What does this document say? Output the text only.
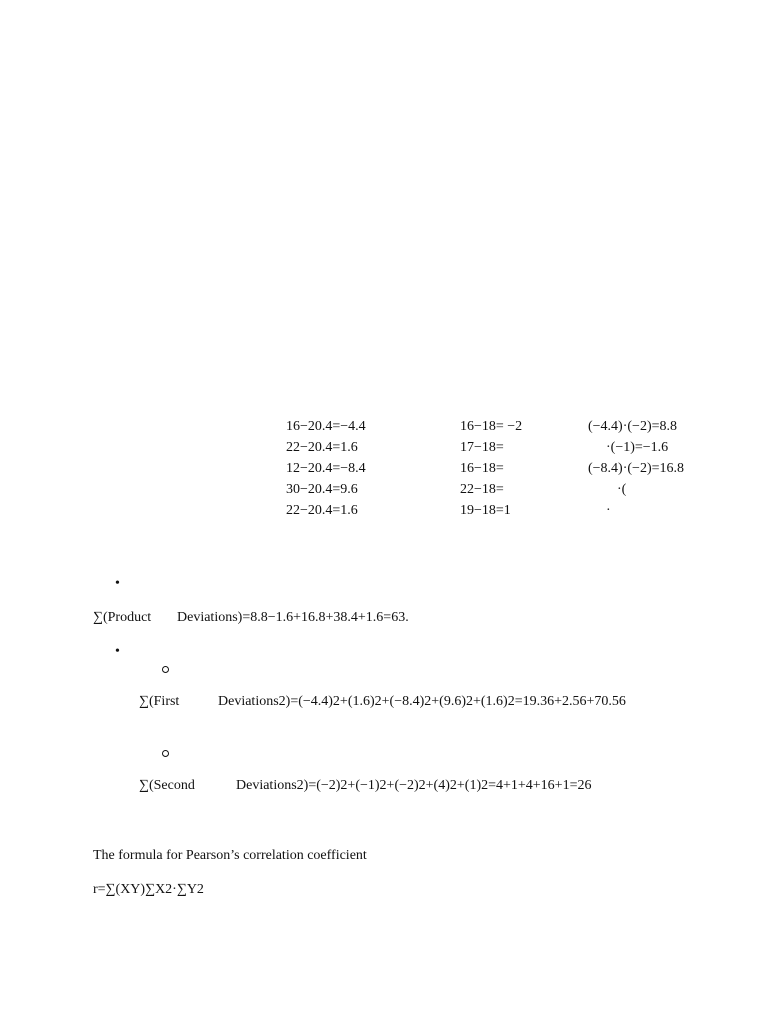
16−20.4=−4.4
22−20.4=1.6
12−20.4=−8.4
30−20.4=9.6
22−20.4=1.6
16−18= −2
17−18=
16−18=
22−18=
19−18=1
(−4.4)·(−2)=8.8
·(−1)=−1.6
(−8.4)·(−2)=16.8
·(
·
•
∑(Product Deviations)=8.8−1.6+16.8+38.4+1.6=63.
•
∑(First	Deviations2)=(−4.4)2+(1.6)2+(−8.4)2+(9.6)2+(1.6)2=19.36+2.56+70.56
∑(Second	Deviations2)=(−2)2+(−1)2+(−2)2+(4)2+(1)2=4+1+4+16+1=26
The formula for Pearson’s correlation coefficient
r=∑(XY)∑X2·∑Y2
